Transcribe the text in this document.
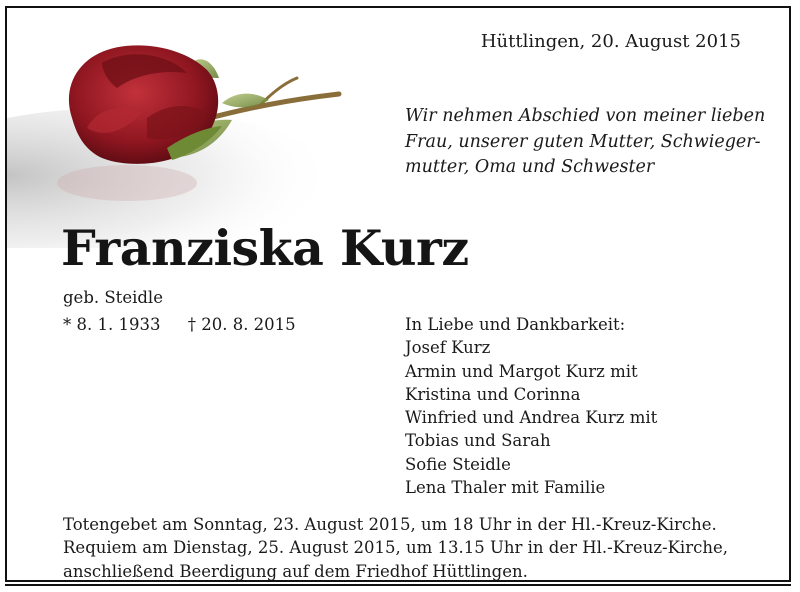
Hüttlingen, 20. August 2015
Wir nehmen Abschied von meiner lieben
Frau, unserer guten Mutter, Schwieger-
mutter, Oma und Schwester
Franziska Kurz
geb. Steidle
* 8. 1. 1933 † 20. 8. 2015	In Liebe und Dankbarkeit:
Josef Kurz
Armin und Margot Kurz mit
Kristina und Corinna
Winfried und Andrea Kurz mit
Tobias und Sarah
Sofie Steidle
Lena Thaler mit Familie
Totengebet am Sonntag, 23. August 2015, um 18 Uhr in der Hl.-Kreuz-Kirche.
Requiem am Dienstag, 25. August 2015, um 13.15 Uhr in der Hl.-Kreuz-Kirche,
anschließend Beerdigung auf dem Friedhof Hüttlingen.
